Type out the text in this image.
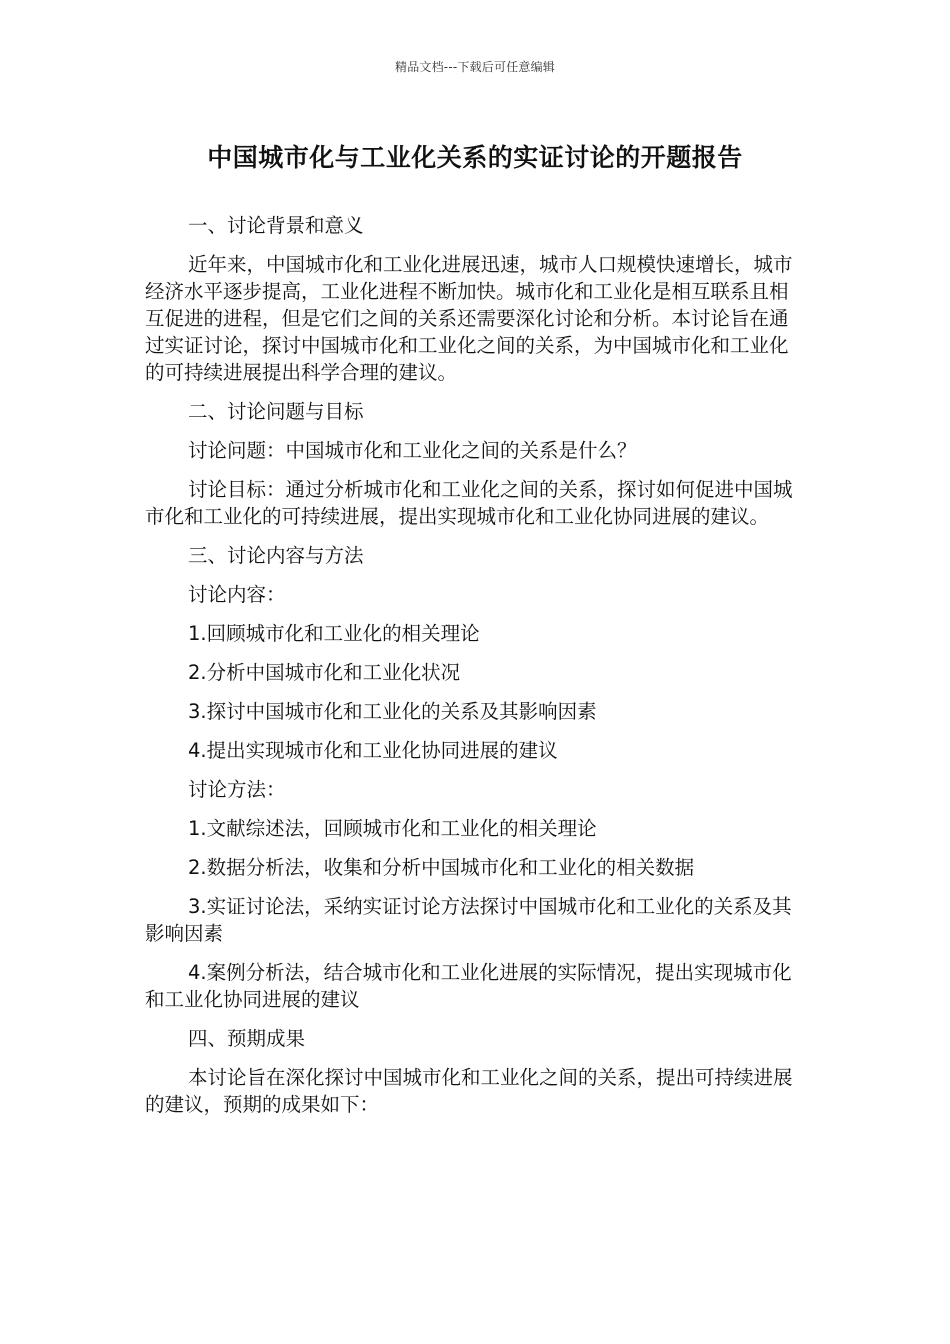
精品文档---下载后可任意编辑
中国城市化与工业化关系的实证讨论的开题报告

一、讨论背景和意义

近年来，中国城市化和工业化进展迅速，城市人口规模快速增长，城市经济水平逐步提高，工业化进程不断加快。城市化和工业化是相互联系且相互促进的进程，但是它们之间的关系还需要深化讨论和分析。本讨论旨在通过实证讨论，探讨中国城市化和工业化之间的关系，为中国城市化和工业化的可持续进展提出科学合理的建议。

二、讨论问题与目标

讨论问题：中国城市化和工业化之间的关系是什么？

讨论目标：通过分析城市化和工业化之间的关系，探讨如何促进中国城市化和工业化的可持续进展，提出实现城市化和工业化协同进展的建议。

三、讨论内容与方法

讨论内容：

1.回顾城市化和工业化的相关理论

2.分析中国城市化和工业化状况

3.探讨中国城市化和工业化的关系及其影响因素

4.提出实现城市化和工业化协同进展的建议

讨论方法：

1.文献综述法，回顾城市化和工业化的相关理论

2.数据分析法，收集和分析中国城市化和工业化的相关数据

3.实证讨论法，采纳实证讨论方法探讨中国城市化和工业化的关系及其影响因素

4.案例分析法，结合城市化和工业化进展的实际情况，提出实现城市化和工业化协同进展的建议

四、预期成果

本讨论旨在深化探讨中国城市化和工业化之间的关系，提出可持续进展的建议，预期的成果如下：
